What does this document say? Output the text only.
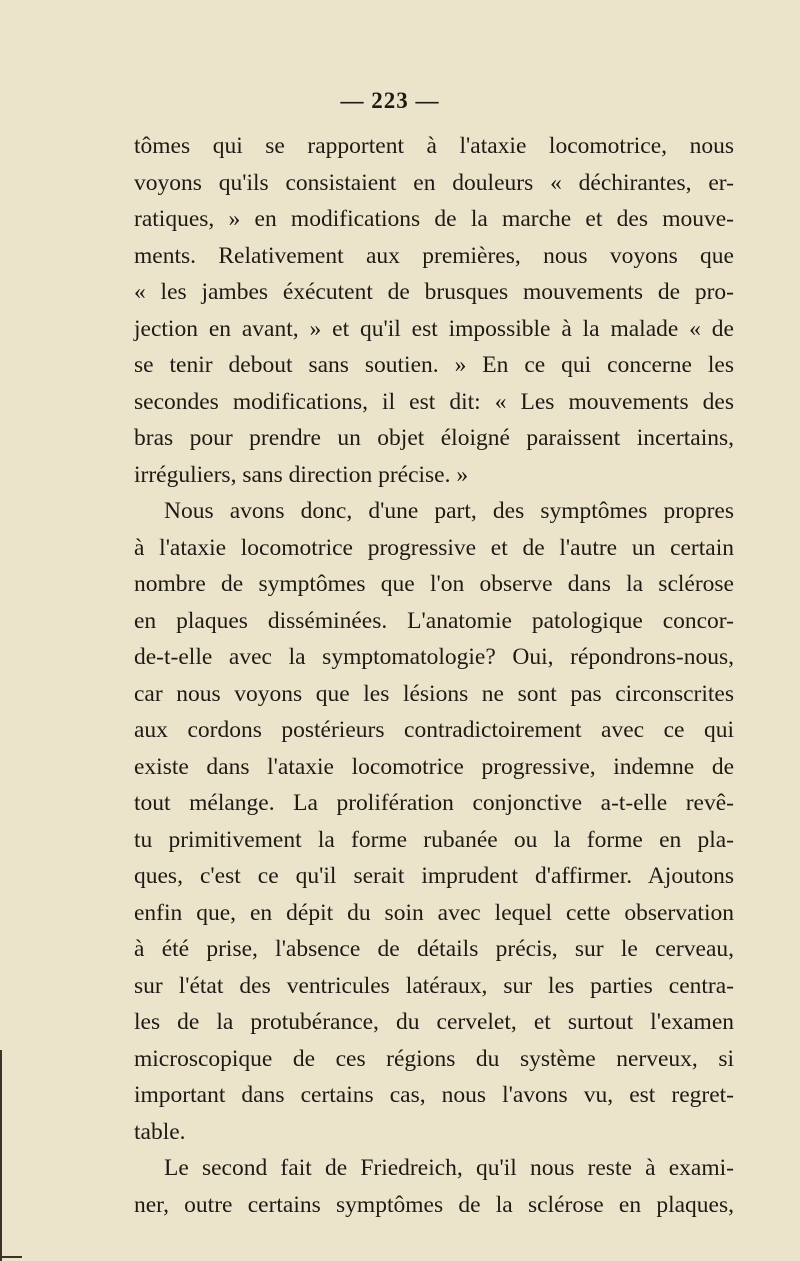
— 223 —
tômes qui se rapportent à l'ataxie locomotrice, nous
voyons qu'ils consistaient en douleurs « déchirantes, er-
ratiques, » en modifications de la marche et des mouve-
ments. Relativement aux premières, nous voyons que
« les jambes éxécutent de brusques mouvements de pro-
jection en avant, » et qu'il est impossible à la malade « de
se tenir debout sans soutien. » En ce qui concerne les
secondes modifications, il est dit: « Les mouvements des
bras pour prendre un objet éloigné paraissent incertains,
irréguliers, sans direction précise. »
Nous avons donc, d'une part, des symptômes propres
à l'ataxie locomotrice progressive et de l'autre un certain
nombre de symptômes que l'on observe dans la sclérose
en plaques disséminées. L'anatomie patologique concor-
de-t-elle avec la symptomatologie? Oui, répondrons-nous,
car nous voyons que les lésions ne sont pas circonscrites
aux cordons postérieurs contradictoirement avec ce qui
existe dans l'ataxie locomotrice progressive, indemne de
tout mélange. La prolifération conjonctive a-t-elle revê-
tu primitivement la forme rubanée ou la forme en pla-
ques, c'est ce qu'il serait imprudent d'affirmer. Ajoutons
enfin que, en dépit du soin avec lequel cette observation
à été prise, l'absence de détails précis, sur le cerveau,
sur l'état des ventricules latéraux, sur les parties centra-
les de la protubérance, du cervelet, et surtout l'examen
microscopique de ces régions du système nerveux, si
important dans certains cas, nous l'avons vu, est regret-
table.
Le second fait de Friedreich, qu'il nous reste à exami-
ner, outre certains symptômes de la sclérose en plaques,
